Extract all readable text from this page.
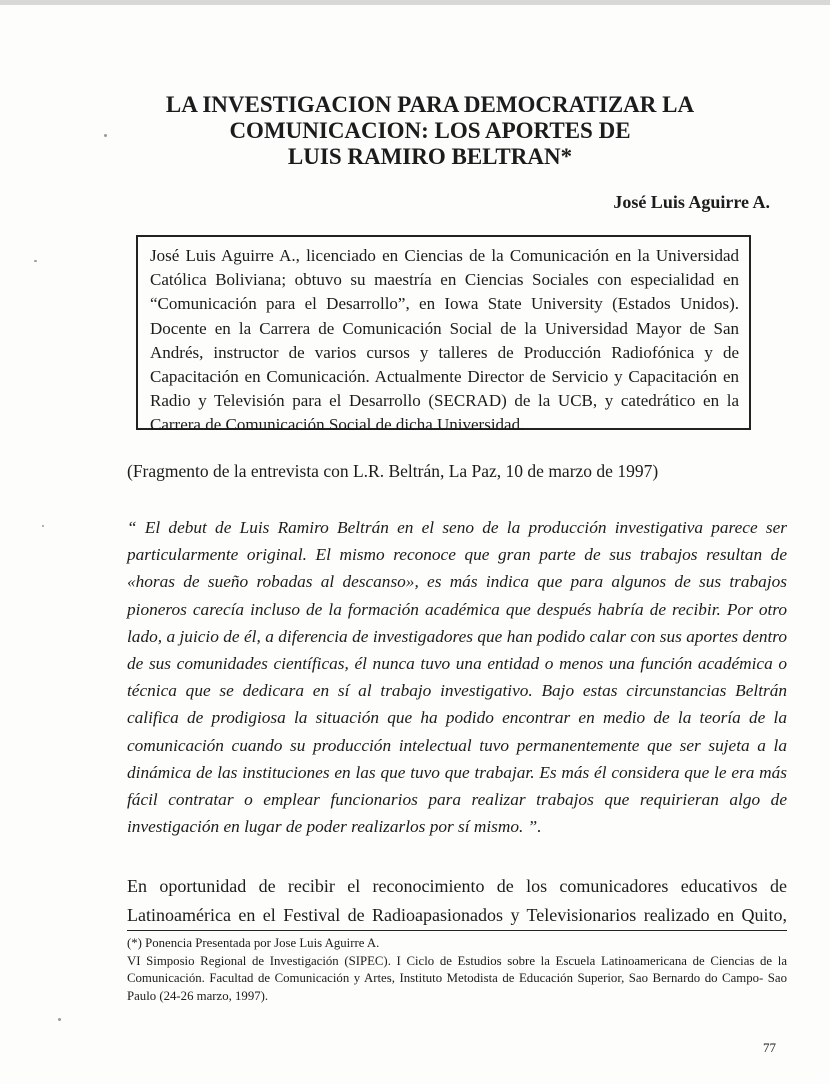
LA INVESTIGACION PARA DEMOCRATIZAR LA
COMUNICACION: LOS APORTES DE
LUIS RAMIRO BELTRAN*
José Luis Aguirre A.
José Luis Aguirre A., licenciado en Ciencias de la Comunicación en la Universidad Católica Boliviana; obtuvo su maestría en Ciencias Sociales con especialidad en “Comunicación para el Desarrollo”, en Iowa State University (Estados Unidos). Docente en la Carrera de Comunicación Social de la Universidad Mayor de San Andrés, instructor de varios cursos y talleres de Producción Radiofónica y de Capacitación en Comunicación. Actualmente Director de Servicio y Capacitación en Radio y Televisión para el Desarrollo (SECRAD) de la UCB, y catedrático en la Carrera de Comunicación Social de dicha Universidad.
(Fragmento de la entrevista con L.R. Beltrán, La Paz, 10 de marzo de 1997)

“ El debut de Luis Ramiro Beltrán en el seno de la producción investigativa parece ser particularmente original. El mismo reconoce que gran parte de sus trabajos resultan de «horas de sueño robadas al descanso», es más indica que para algunos de sus trabajos pioneros carecía incluso de la formación académica que después habría de recibir. Por otro lado, a juicio de él, a diferencia de investigadores que han podido calar con sus aportes dentro de sus comunidades científicas, él nunca tuvo una entidad o menos una función académica o técnica que se dedicara en sí al trabajo investigativo. Bajo estas circunstancias Beltrán califica de prodigiosa la situación que ha podido encontrar en medio de la teoría de la comunicación cuando su producción intelectual tuvo permanentemente que ser sujeta a la dinámica de las instituciones en las que tuvo que trabajar. Es más él considera que le era más fácil contratar o emplear funcionarios para realizar trabajos que requirieran algo de investigación en lugar de poder realizarlos por sí mismo. ”.

En oportunidad de recibir el reconocimiento de los comunicadores educativos de Latinoamérica en el Festival de Radioapasionados y Televisionarios realizado en Quito,

(*) Ponencia Presentada por Jose Luis Aguirre A.

VI Simposio Regional de Investigación (SIPEC). I Ciclo de Estudios sobre la Escuela Latinoamericana de Ciencias de la Comunicación. Facultad de Comunicación y Artes, Instituto Metodista de Educación Superior, Sao Bernardo do Campo- Sao Paulo (24-26 marzo, 1997).

77
